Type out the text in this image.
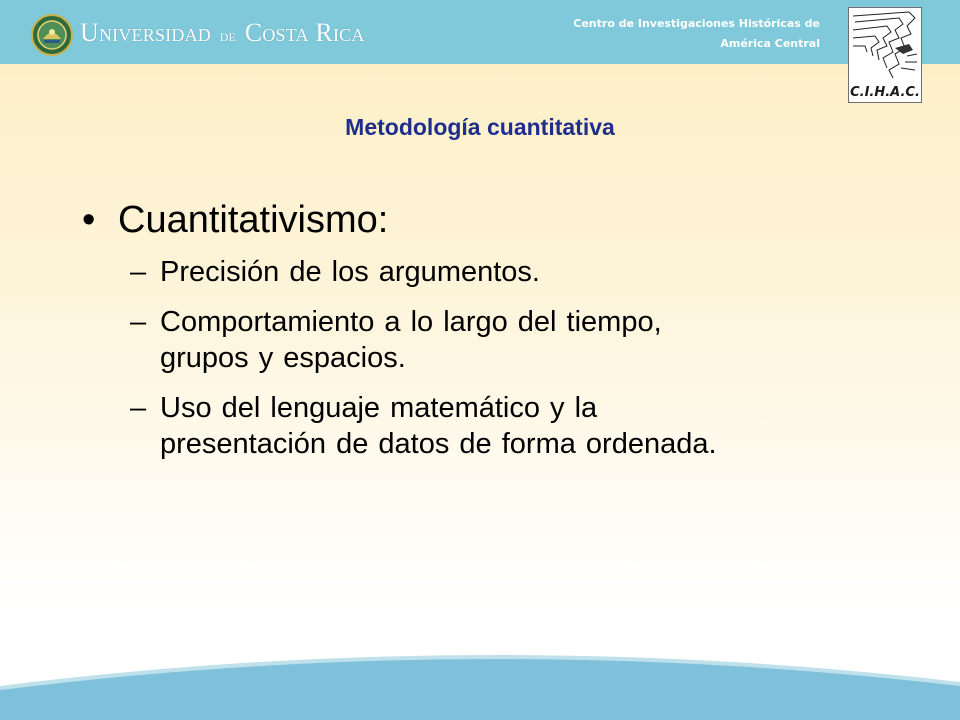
Universidad de Costa Rica	Centro de Investigaciones Históricas de
América Central
C.I.H.A.C.
Metodología cuantitativa
• Cuantitativismo:
– Precisión de los argumentos.
– Comportamiento a lo largo del tiempo,
grupos y espacios.
– Uso del lenguaje matemático y la
presentación de datos de forma ordenada.
